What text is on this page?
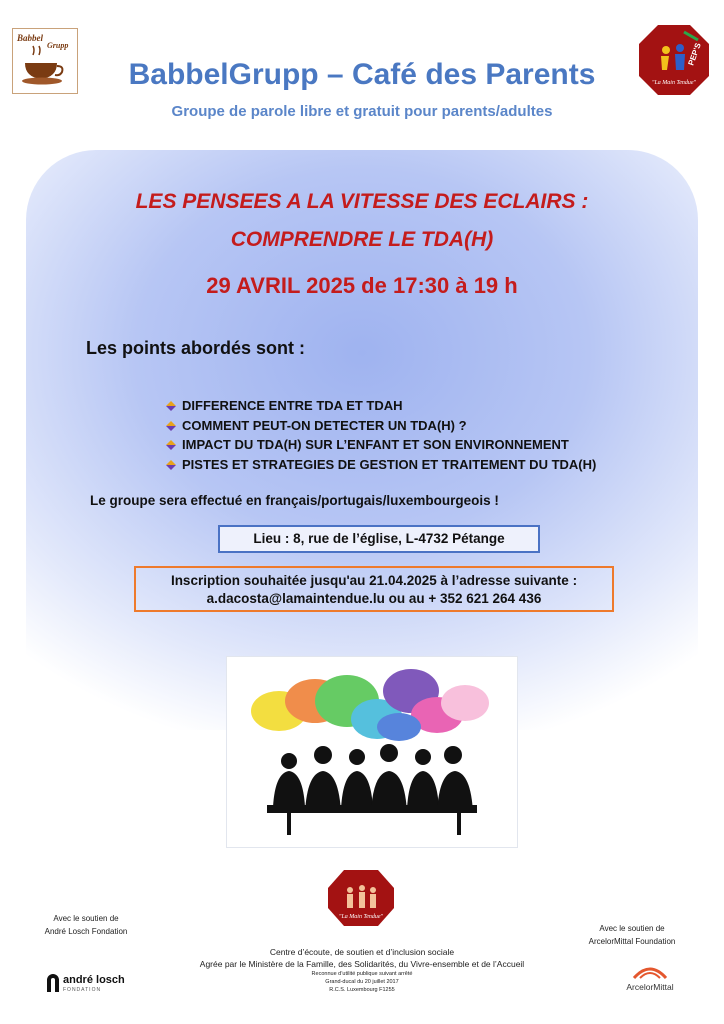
Babbel
Grupp	PEP'S
"La Main Tendue"
BabbelGrupp – Café des Parents
Groupe de parole libre et gratuit pour parents/adultes
LES PENSEES A LA VITESSE DES ECLAIRS :
COMPRENDRE LE TDA(H)
29 AVRIL 2025 de 17:30 à 19 h
Les points abordés sont :
DIFFERENCE ENTRE TDA ET TDAH
COMMENT PEUT-ON DETECTER UN TDA(H) ?
IMPACT DU TDA(H) SUR L’ENFANT ET SON ENVIRONNEMENT
PISTES ET STRATEGIES DE GESTION ET TRAITEMENT DU TDA(H)
Le groupe sera effectué en français/portugais/luxembourgeois !
Lieu : 8, rue de l’église, L-4732 Pétange
Inscription souhaitée jusqu'au 21.04.2025 à l’adresse suivante :
a.dacosta@lamaintendue.lu ou au + 352 621 264 436
"La Main Tendue"
Avec le soutien de
André Losch Fondation	Avec le soutien de
ArcelorMittal Foundation
Centre d’écoute, de soutien et d’inclusion sociale
Agrée par le Ministère de la Famille, des Solidarités, du Vivre-ensemble et de l’Accueil
Reconnue d’utilité publique suivant arrêté
Grand-ducal du 20 juillet 2017
R.C.S. Luxembourg F1255
andré losch
FONDATION	ArcelorMittal
